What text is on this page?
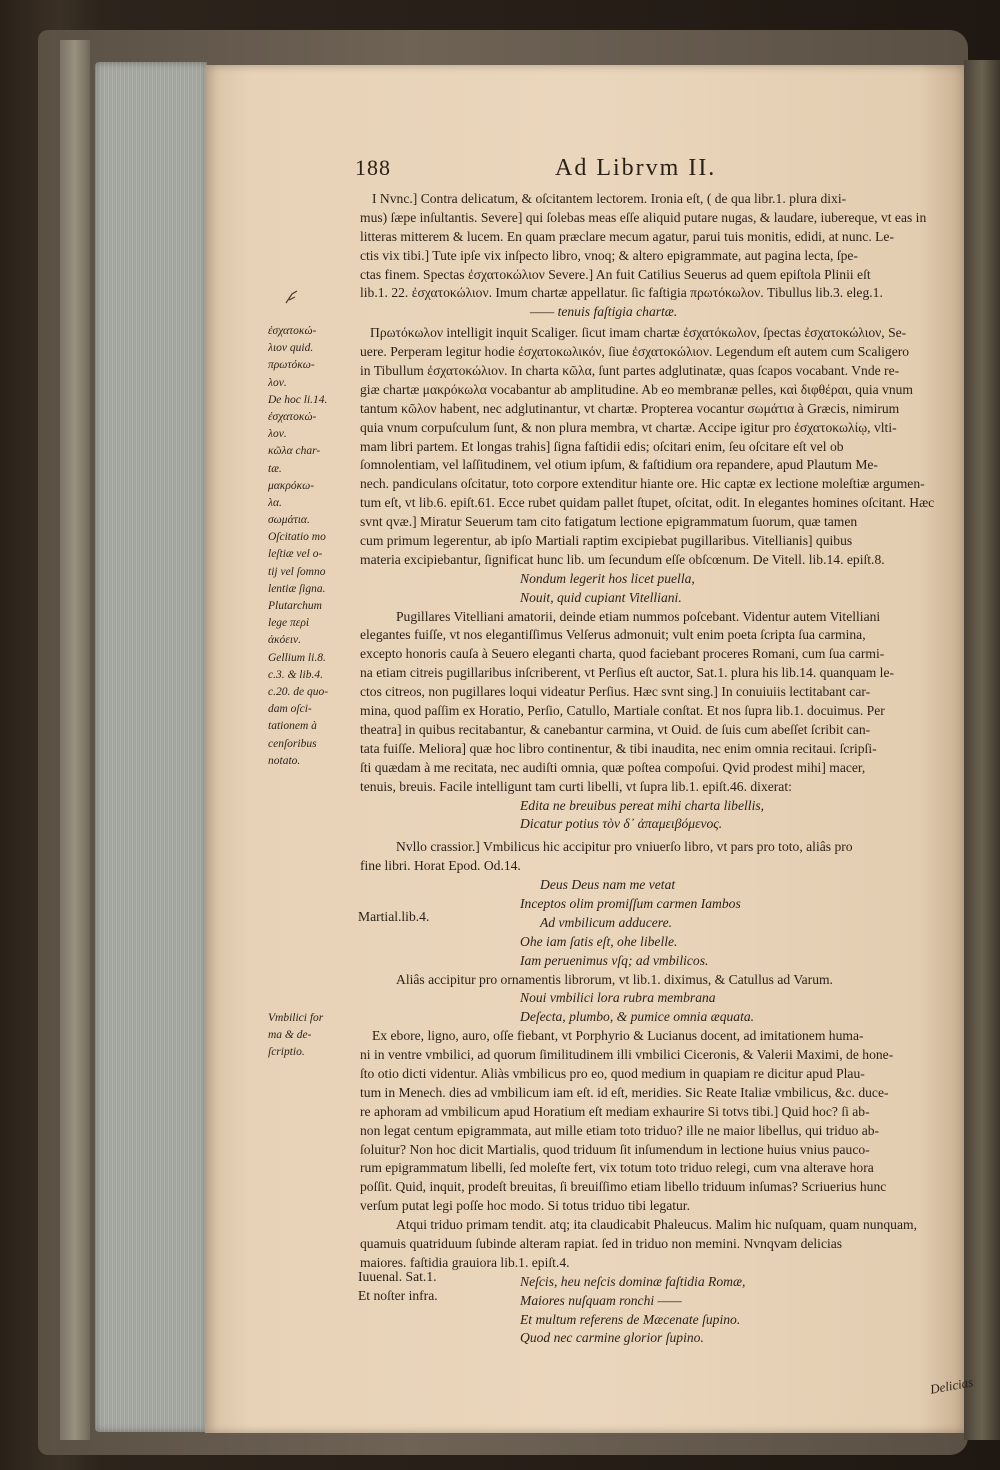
188	Ad Librvm II.

I Nvnc.] Contra delicatum, & oſcitantem lectorem. Ironia eſt, ( de qua libr.1. plura dixi-

mus) ſæpe inſultantis. Severe] qui ſolebas meas eſſe aliquid putare nugas, & laudare, iubereque, vt eas in

litteras mitterem & lucem. En quam præclare mecum agatur, parui tuis monitis, edidi, at nunc. Le-

ctis vix tibi.] Tute ipſe vix inſpecto libro, vnoq; & altero epigrammate, aut pagina lecta, ſpe-

ctas finem. Spectas ἐσχατοκώλιον Severe.] An fuit Catilius Seuerus ad quem epiſtola Plinii eſt

lib.1. 22. ἐσχατοκώλιον. Imum chartæ appellatur. ſic faſtigia πρωτόκωλον. Tibullus lib.3. eleg.1.

—— tenuis faſtigia chartæ.

Πρωτόκωλον intelligit inquit Scaliger. ſicut imam chartæ ἐσχατόκωλον, ſpectas ἐσχατοκώλιον, Se-

uere. Perperam legitur hodie ἐσχατοκωλικόν, ſiue ἐσχατοκώλιον. Legendum eſt autem cum Scaligero

in Tibullum ἐσχατοκώλιον. In charta κῶλα, ſunt partes adglutinatæ, quas ſcapos vocabant. Vnde re-

giæ chartæ μακρόκωλα vocabantur ab amplitudine. Ab eo membranæ pelles, καὶ διφθέραι, quia vnum

tantum κῶλον habent, nec adglutinantur, vt chartæ. Propterea vocantur σωμάτια à Græcis, nimirum

quia vnum corpuſculum ſunt, & non plura membra, vt chartæ. Accipe igitur pro ἐσχατοκωλίῳ, vlti-

mam libri partem. Et longas trahis] ſigna faſtidii edis; oſcitari enim, ſeu oſcitare eſt vel ob

ſomnolentiam, vel laſſitudinem, vel otium ipſum, & faſtidium ora repandere, apud Plautum Me-

nech. pandiculans oſcitatur, toto corpore extenditur hiante ore. Hic captæ ex lectione moleſtiæ argumen-

tum eſt, vt lib.6. epiſt.61. Ecce rubet quidam pallet ſtupet, oſcitat, odit. In elegantes homines oſcitant. Hæc

svnt qvæ.] Miratur Seuerum tam cito fatigatum lectione epigrammatum ſuorum, quæ tamen

cum primum legerentur, ab ipſo Martiali raptim excipiebat pugillaribus. Vitellianis] quibus

materia excipiebantur, ſignificat hunc lib. um ſecundum eſſe obſcœnum. De Vitell. lib.14. epiſt.8.

Nondum legerit hos licet puella,

Nouit, quid cupiant Vitelliani.

Pugillares Vitelliani amatorii, deinde etiam nummos poſcebant. Videntur autem Vitelliani

elegantes fuiſſe, vt nos elegantiſſimus Velſerus admonuit; vult enim poeta ſcripta ſua carmina,

excepto honoris cauſa à Seuero eleganti charta, quod faciebant proceres Romani, cum ſua carmi-

na etiam citreis pugillaribus inſcriberent, vt Perſius eſt auctor, Sat.1. plura his lib.14. quanquam le-

ctos citreos, non pugillares loqui videatur Perſius. Hæc svnt sing.] In conuiuiis lectitabant car-

mina, quod paſſim ex Horatio, Perſio, Catullo, Martiale conſtat. Et nos ſupra lib.1. docuimus. Per

theatra] in quibus recitabantur, & canebantur carmina, vt Ouid. de ſuis cum abeſſet ſcribit can-

tata fuiſſe. Meliora] quæ hoc libro continentur, & tibi inaudita, nec enim omnia recitaui. ſcripſi-

ſti quædam à me recitata, nec audiſti omnia, quæ poſtea compoſui. Qvid prodest mihi] macer,

tenuis, breuis. Facile intelligunt tam curti libelli, vt ſupra lib.1. epiſt.46. dixerat:

Edita ne breuibus pereat mihi charta libellis,

Dicatur potius τὸν δ᾽ ἀπαμειβόμενος.

Nvllo crassior.] Vmbilicus hic accipitur pro vniuerſo libro, vt pars pro toto, aliâs pro

fine libri. Horat Epod. Od.14.

Deus Deus nam me vetat

Inceptos olim promiſſum carmen Iambos

Ad vmbilicum adducere.

Ohe iam ſatis eſt, ohe libelle.

Iam peruenimus vſq; ad vmbilicos.

Aliâs accipitur pro ornamentis librorum, vt lib.1. diximus, & Catullus ad Varum.

Noui vmbilici lora rubra membrana

Deſecta, plumbo, & pumice omnia æquata.

Ex ebore, ligno, auro, oſſe fiebant, vt Porphyrio & Lucianus docent, ad imitationem huma-

ni in ventre vmbilici, ad quorum ſimilitudinem illi vmbilici Ciceronis, & Valerii Maximi, de hone-

ſto otio dicti videntur. Aliàs vmbilicus pro eo, quod medium in quapiam re dicitur apud Plau-

tum in Menech. dies ad vmbilicum iam eſt. id eſt, meridies. Sic Reate Italiæ vmbilicus, &c. duce-

re aphoram ad vmbilicum apud Horatium eſt mediam exhaurire Si totvs tibi.] Quid hoc? ſi ab-

non legat centum epigrammata, aut mille etiam toto triduo? ille ne maior libellus, qui triduo ab-

ſoluitur? Non hoc dicit Martialis, quod triduum ſit inſumendum in lectione huius vnius pauco-

rum epigrammatum libelli, ſed moleſte fert, vix totum toto triduo relegi, cum vna alterave hora

poſſit. Quid, inquit, prodeſt breuitas, ſi breuiſſimo etiam libello triduum inſumas? Scriuerius hunc

verſum putat legi poſſe hoc modo. Si totus triduo tibi legatur.

Atqui triduo primam tendit. atq; ita claudicabit Phaleucus. Malim hic nuſquam, quam nunquam,

quamuis quatriduum ſubinde alteram rapiat. ſed in triduo non memini. Nvnqvam delicias

maiores. faſtidia grauiora lib.1. epiſt.4.

Neſcis, heu neſcis dominæ faſtidia Romæ,

Maiores nuſquam ronchi ——

Et multum referens de Mæcenate ſupino.

Quod nec carmine glorior ſupino.

Martial.lib.4.
Iuuenal. Sat.1.
Et noſter infra.
ἐσχατοκώ-
λιον quid.
πρωτόκω-
λον.
De hoc li.14.
ἐσχατοκώ-
λον.
κῶλα char-
tæ.
μακρόκω-
λα.
σωμάτια.
Oſcitatio mo
leſtiæ vel o-
tij vel ſomno
lentiæ ſigna.
Plutarchum
lege περὶ
ἀκόειν.
Gellium li.8.
c.3. & lib.4.
c.20. de quo-
dam oſci-
tationem à
cenſoribus
notato.
Vmbilici for
ma & de-
ſcriptio.
Delicias
